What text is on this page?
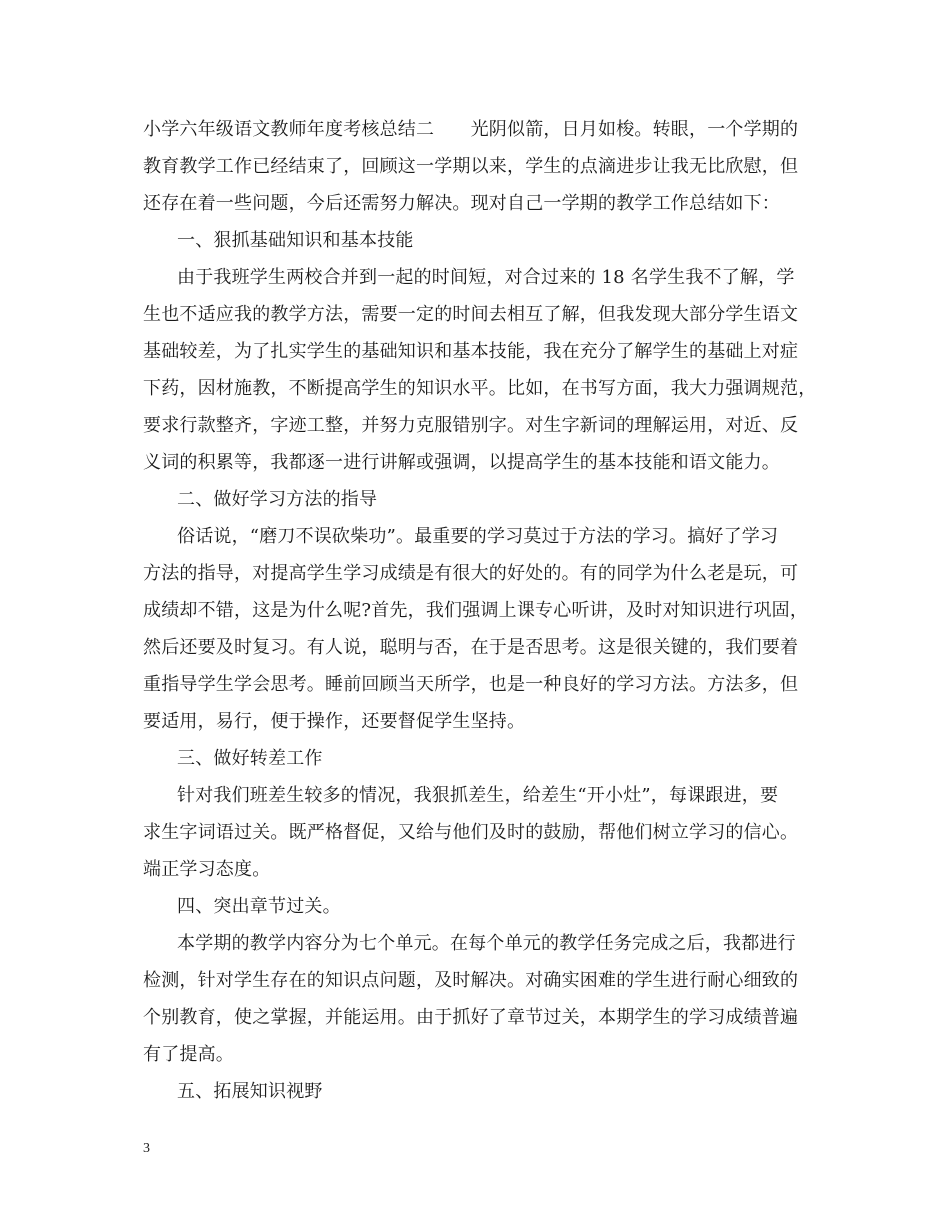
小学六年级语文教师年度考核总结二　　光阴似箭，日月如梭。转眼，一个学期的
教育教学工作已经结束了，回顾这一学期以来，学生的点滴进步让我无比欣慰，但
还存在着一些问题，今后还需努力解决。现对自己一学期的教学工作总结如下：
一、狠抓基础知识和基本技能
由于我班学生两校合并到一起的时间短，对合过来的 18 名学生我不了解，学
生也不适应我的教学方法，需要一定的时间去相互了解，但我发现大部分学生语文
基础较差，为了扎实学生的基础知识和基本技能，我在充分了解学生的基础上对症
下药，因材施教，不断提高学生的知识水平。比如，在书写方面，我大力强调规范，
要求行款整齐，字迹工整，并努力克服错别字。对生字新词的理解运用，对近、反
义词的积累等，我都逐一进行讲解或强调，以提高学生的基本技能和语文能力。
二、做好学习方法的指导
俗话说，“磨刀不误砍柴功”。最重要的学习莫过于方法的学习。搞好了学习
方法的指导，对提高学生学习成绩是有很大的好处的。有的同学为什么老是玩，可
成绩却不错，这是为什么呢?首先，我们强调上课专心听讲，及时对知识进行巩固，
然后还要及时复习。有人说，聪明与否，在于是否思考。这是很关键的，我们要着
重指导学生学会思考。睡前回顾当天所学，也是一种良好的学习方法。方法多，但
要适用，易行，便于操作，还要督促学生坚持。
三、做好转差工作
针对我们班差生较多的情况，我狠抓差生，给差生“开小灶”，每课跟进，要
求生字词语过关。既严格督促，又给与他们及时的鼓励，帮他们树立学习的信心。
端正学习态度。
四、突出章节过关。
本学期的教学内容分为七个单元。在每个单元的教学任务完成之后，我都进行
检测，针对学生存在的知识点问题，及时解决。对确实困难的学生进行耐心细致的
个别教育，使之掌握，并能运用。由于抓好了章节过关，本期学生的学习成绩普遍
有了提高。
五、拓展知识视野
3
